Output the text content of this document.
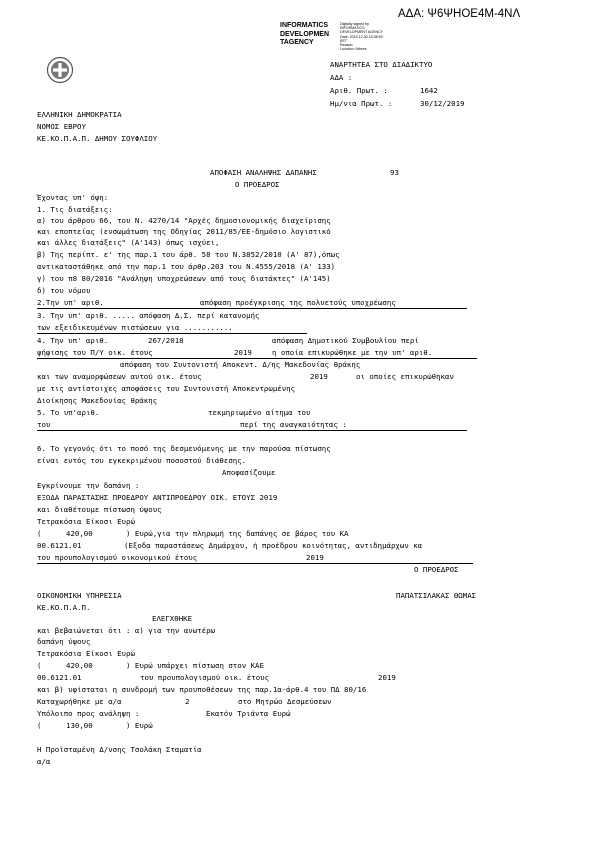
ΑΔΑ: Ψ6ΨΗΟΕ4Μ-4ΝΛ
INFORMATICS
DEVELOPMEN
TAGENCY
Digitally signed by
INFORMATICS
DEVELOPMENT AGENCY
Date: 2019.12.30 15:38:59
EET
Reason:
Location: Athens
ΑΝΑΡΤΗΤΕΑ ΣΤΟ ΔΙΑΔΙΚΤΥΟ
ΑΔΑ :
Αριθ. Πρωτ. :	1642
Ημ/νια Πρωτ. :	30/12/2019
ΕΛΛΗΝΙΚΗ ΔΗΜΟΚΡΑΤΙΑ
ΝΟΜΟΣ ΕΒΡΟΥ
ΚΕ.ΚΟ.Π.Α.Π. ΔΗΜΟΥ ΣΟΥΦΛΙΟΥ
ΑΠΟΦΑΣΗ ΑΝΑΛΗΨΗΣ ΔΑΠΑΝΗΣ	93
Ο ΠΡΟΕΔΡΟΣ
Έχοντας υπ' όψη:
1. Τις διατάξεις:
α) του άρθρου 66, του Ν. 4270/14 "Αρχές δημοσιονομικής διαχείρισης
και εποπτείας (ενσωμάτωση της Οδηγίας 2011/85/ΕΕ-δημόσιο λογιστικό
και άλλες διατάξεις" (Α'143) όπως ισχύει,
β) Της περίπτ. ε' της παρ.1 του άρθ. 58 του Ν.3852/2010 (Α' 87),όπως
αντικαταστάθηκε από την παρ.1 του άρθρ.203 του Ν.4555/2018 (Α' 133)
γ) του π8 80/2016 "Ανάληψη υποχρεώσεων από τους διατάκτες" (Α'145)
δ) του νόμου
2.Την υπ' αριθ.	απόφαση προέγκρισης της πολυετούς υποχρέωσης
3. Την υπ' αριθ. ..... απόφαση Δ.Σ. περί κατανομής
των εξειδικευμένων πιστώσεων για ...........
4. Την υπ' αριθ.	267/2018	απόφαση Δημοτικού Συμβουλίου περί
ψήφισης του Π/Υ οικ. έτους	2019	η οποία επικυρώθηκε με την υπ' αριθ.
απόφαση του Συντονιστή Αποκεντ. Δ/ης Μακεδονίας θράκης
και των αναμορφώσεων αυτού οικ. έτους	2019	οι οποίες επικυρώθηκαν
με τις αντίστοιχες αποφάσεις του Συντονιστή Αποκεντρωμένης
Διοίκησης Μακεδονίας θράκης
5. Το υπ'αριθ.	τεκμηριωμένο αίτημα του
του	περί της αναγκαιότητας :
6. Το γεγονός ότι το ποσό της δεσμευόμενης με την παρούσα πίστωσης
είναι εντός του εγκεκριμένου ποσοστού διάθεσης.
Αποφασίζουμε
Εγκρίνουμε την δαπάνη :
ΕΞΟΔΑ ΠΑΡΑΣΤΑΣΗΣ ΠΡΟΕΔΡΟΥ ΑΝΤΙΠΡΟΕΔΡΟΥ ΟΙΚ. ΕΤΟΥΣ 2019
και διαθέτουμε πίστωση ύψους
Τετρακόσια Είκοσι Ευρώ
(	420,00	) Ευρώ,για την πληρωμή της δαπάνης σε βάρος του ΚΑ
00.6121.01	(Εξοδα παραστάσεως Δημάρχου, ή προέδρου κοινότητας, αντιδημάρχων κα
του προυπολογισμού οικονομικού έτους	2019
Ο ΠΡΟΕΔΡΟΣ
ΟΙΚΟΝΟΜΙΚΗ ΥΠΗΡΕΣΙΑ	ΠΑΠΑΤΣΙΛΑΚΑΣ ΘΩΜΑΣ
ΚΕ.ΚΟ.Π.Α.Π.
ΕΛΕΓΧΘΗΚΕ
και βεβαιώνεται ότι : α) για την ανωτέρω
δαπάνη ύψους
Τετρακόσια Είκοσι Ευρώ
(	420,00	) Ευρώ υπάρχει πίστωση στον ΚΑΕ
00.6121.01	του προυπολογισμού οικ. έτους	2019
και β) υφίσταται η συνδρομή των προυποθέσεων της παρ.1α-άρθ.4 του ΠΔ 80/16
Καταχωρήθηκε με α/α	2	στο Μητρώο Δεσμεύσεων
Υπόλοιπο προς ανάληψη :	Εκατόν Τριάντα Ευρώ
(	130,00	) Ευρώ
Η Προϊσταμένη Δ/νσης Τσολάκη Σταματία
α/α
